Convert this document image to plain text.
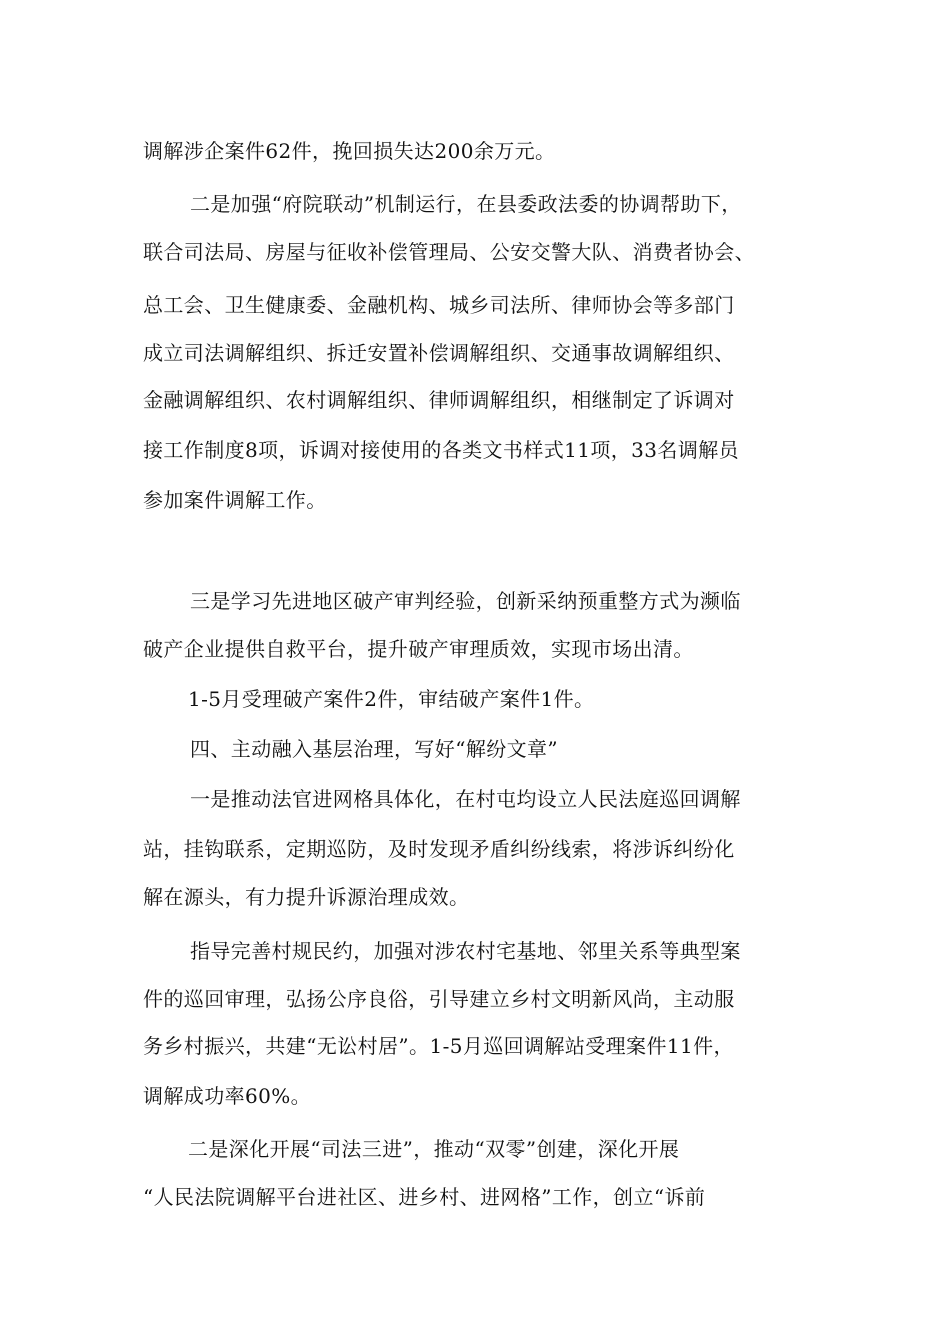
调解涉企案件62件，挽回损失达200余万元。
二是加强“府院联动”机制运行，在县委政法委的协调帮助下，
联合司法局、房屋与征收补偿管理局、公安交警大队、消费者协会、
总工会、卫生健康委、金融机构、城乡司法所、律师协会等多部门
成立司法调解组织、拆迁安置补偿调解组织、交通事故调解组织、
金融调解组织、农村调解组织、律师调解组织，相继制定了诉调对
接工作制度8项，诉调对接使用的各类文书样式11项，33名调解员
参加案件调解工作。
三是学习先进地区破产审判经验，创新采纳预重整方式为濒临
破产企业提供自救平台，提升破产审理质效，实现市场出清。
1-5月受理破产案件2件，审结破产案件1件。
四、主动融入基层治理，写好“解纷文章”
一是推动法官进网格具体化，在村屯均设立人民法庭巡回调解
站，挂钩联系，定期巡防，及时发现矛盾纠纷线索，将涉诉纠纷化
解在源头，有力提升诉源治理成效。
指导完善村规民约，加强对涉农村宅基地、邻里关系等典型案
件的巡回审理，弘扬公序良俗，引导建立乡村文明新风尚，主动服
务乡村振兴，共建“无讼村居”。1-5月巡回调解站受理案件11件，
调解成功率60%。
二是深化开展“司法三进”，推动“双零”创建，深化开展
“人民法院调解平台进社区、进乡村、进网格”工作，创立“诉前
